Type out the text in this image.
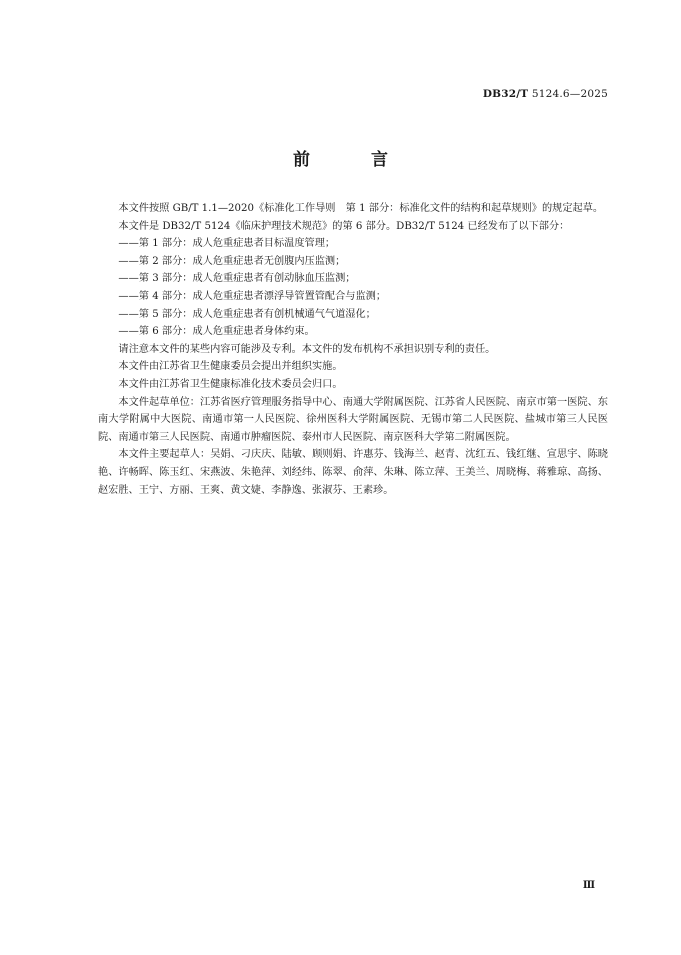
DB32/T 5124.6—2025
前　言

本文件按照 GB/T 1.1—2020《标准化工作导则　第 1 部分：标准化文件的结构和起草规则》的规定起草。

本文件是 DB32/T 5124《临床护理技术规范》的第 6 部分。DB32/T 5124 已经发布了以下部分：

——第 1 部分：成人危重症患者目标温度管理；

——第 2 部分：成人危重症患者无创腹内压监测；

——第 3 部分：成人危重症患者有创动脉血压监测；

——第 4 部分：成人危重症患者漂浮导管置管配合与监测；

——第 5 部分：成人危重症患者有创机械通气气道湿化；

——第 6 部分：成人危重症患者身体约束。

请注意本文件的某些内容可能涉及专利。本文件的发布机构不承担识别专利的责任。

本文件由江苏省卫生健康委员会提出并组织实施。

本文件由江苏省卫生健康标准化技术委员会归口。

本文件起草单位：江苏省医疗管理服务指导中心、南通大学附属医院、江苏省人民医院、南京市第一医院、东南大学附属中大医院、南通市第一人民医院、徐州医科大学附属医院、无锡市第二人民医院、盐城市第三人民医院、南通市第三人民医院、南通市肿瘤医院、泰州市人民医院、南京医科大学第二附属医院。

本文件主要起草人：吴娟、刁庆庆、陆敏、顾则娟、许惠芬、钱海兰、赵青、沈红五、钱红继、宣思宇、陈晓艳、许畅晖、陈玉红、宋燕波、朱艳萍、刘经纬、陈翠、俞萍、朱琳、陈立萍、王美兰、周晓梅、蒋雅琼、高扬、赵宏胜、王宁、方丽、王爽、黄文婕、李静逸、张淑芬、王素珍。

Ⅲ
